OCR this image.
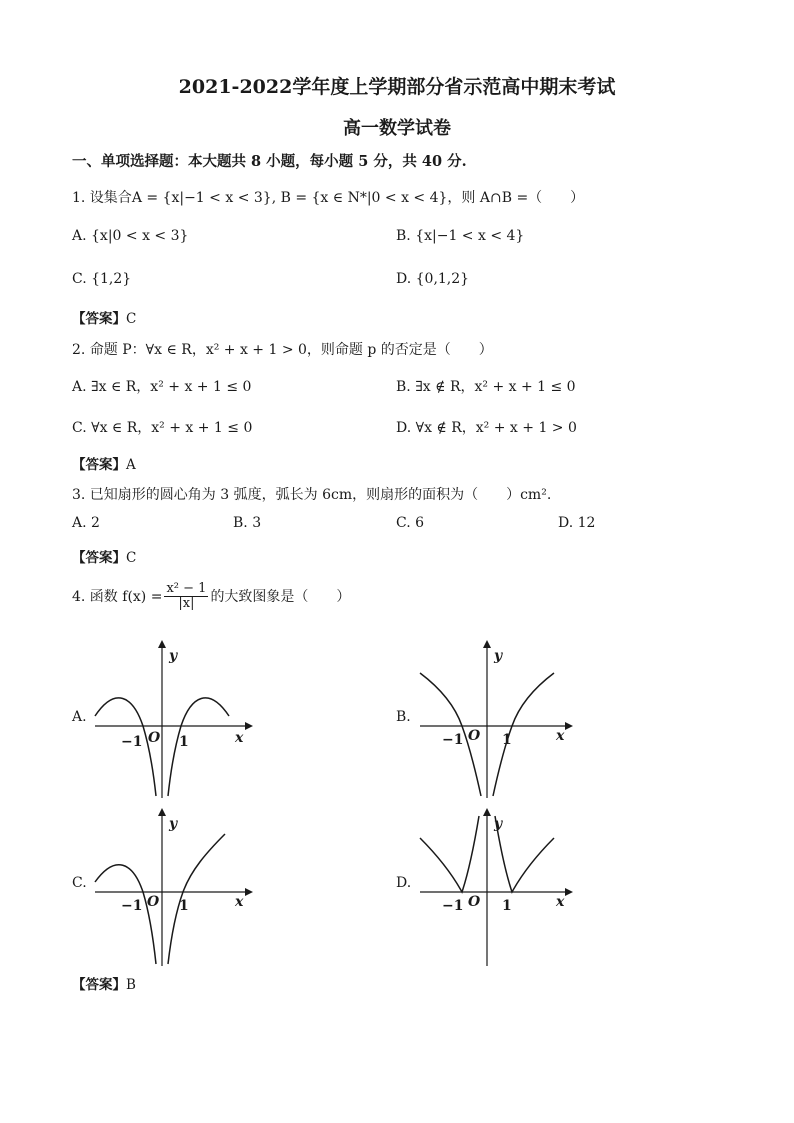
2021-2022学年度上学期部分省示范高中期末考试
高一数学试卷
一、单项选择题：本大题共 8 小题，每小题 5 分，共 40 分.
1. 设集合A = {x|−1 < x < 3}, B = {x ∈ N*|0 < x < 4}，则 A∩B =（　　）
A. {x|0 < x < 3}	B. {x|−1 < x < 4}
C. {1,2}	D. {0,1,2}
【答案】C
2. 命题 P：∀x ∈ R，x² + x + 1 > 0，则命题 p 的否定是（　　）
A. ∃x ∈ R，x² + x + 1 ≤ 0	B. ∃x ∉ R，x² + x + 1 ≤ 0
C. ∀x ∈ R，x² + x + 1 ≤ 0	D. ∀x ∉ R，x² + x + 1 > 0
【答案】A
3. 已知扇形的圆心角为 3 弧度，弧长为 6cm，则扇形的面积为（　　）cm².
A. 2	B. 3	C. 6	D. 12
【答案】C
4. 函数 $f(x) = \frac{\text{x² − 1}}{|x|}$ 的大致图象是（　　）
A.	B.
C.	D.
y
x
O
−1	1
y
x
O
−1	1
y
x
O
−1	1
y
x
O
−1	1
【答案】B
